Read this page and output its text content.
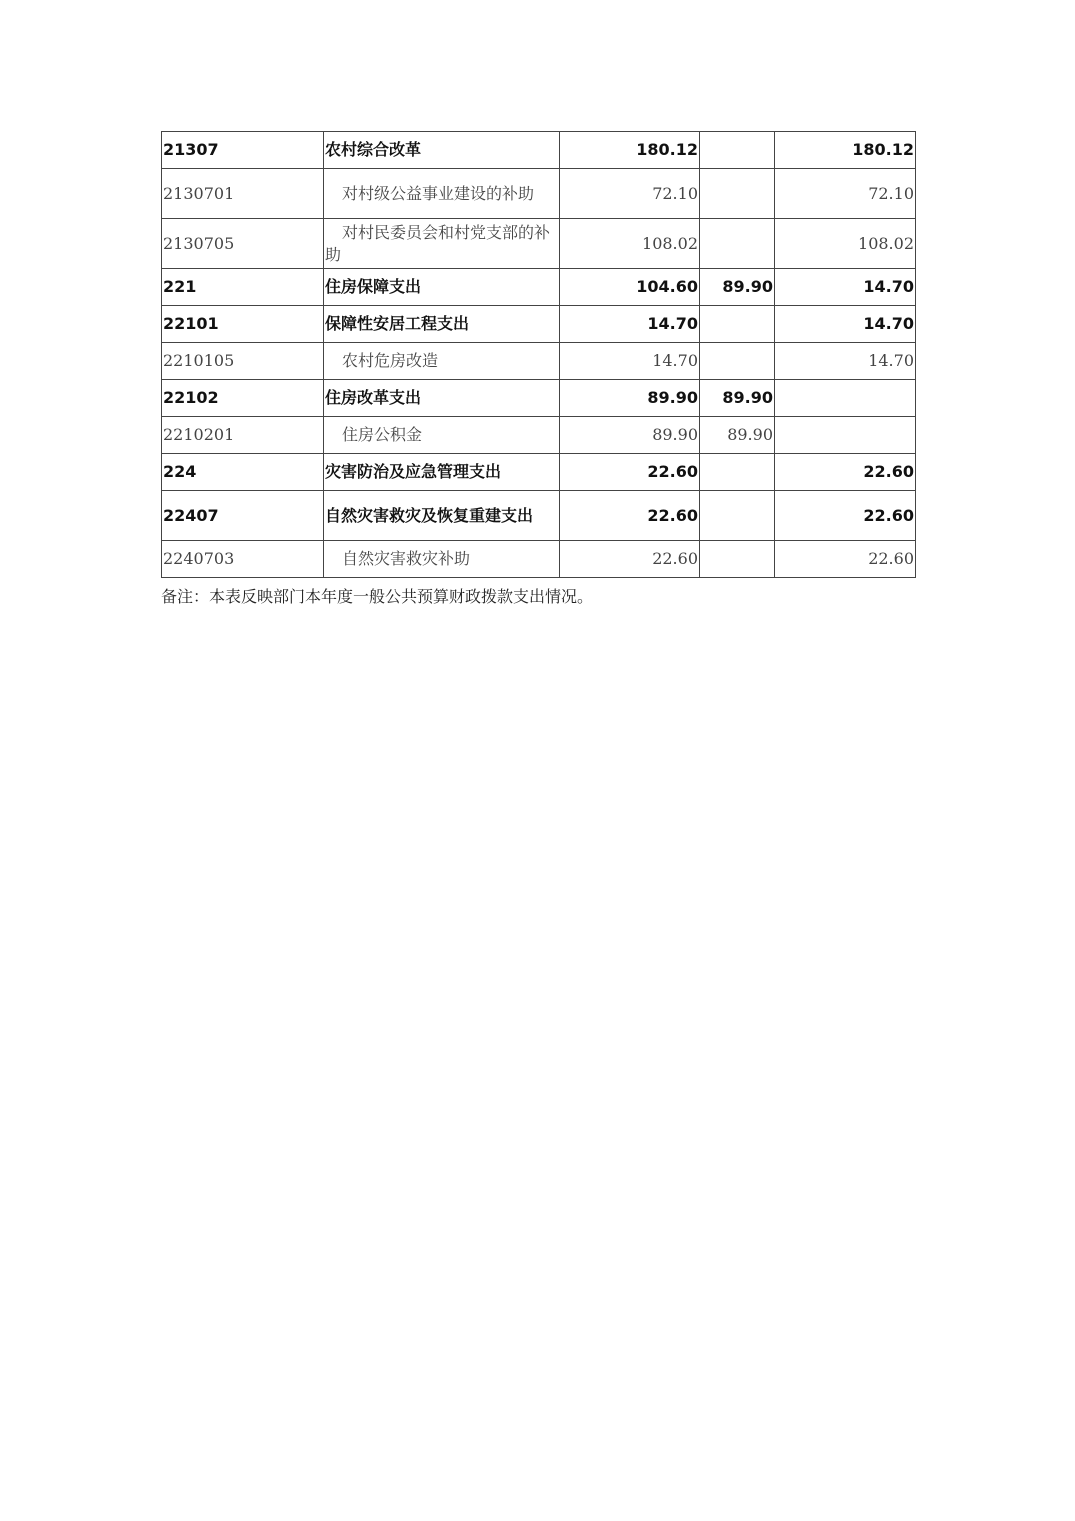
21307	农村综合改革	180.12		180.12
2130701	对村级公益事业建设的补助	72.10		72.10
2130705	对村民委员会和村党支部的补助	108.02		108.02
221	住房保障支出	104.60	89.90	14.70
22101	保障性安居工程支出	14.70		14.70
2210105	农村危房改造	14.70		14.70
22102	住房改革支出	89.90	89.90	
2210201	住房公积金	89.90	89.90	
224	灾害防治及应急管理支出	22.60		22.60
22407	自然灾害救灾及恢复重建支出	22.60		22.60
2240703	自然灾害救灾补助	22.60		22.60
备注：本表反映部门本年度一般公共预算财政拨款支出情况。
